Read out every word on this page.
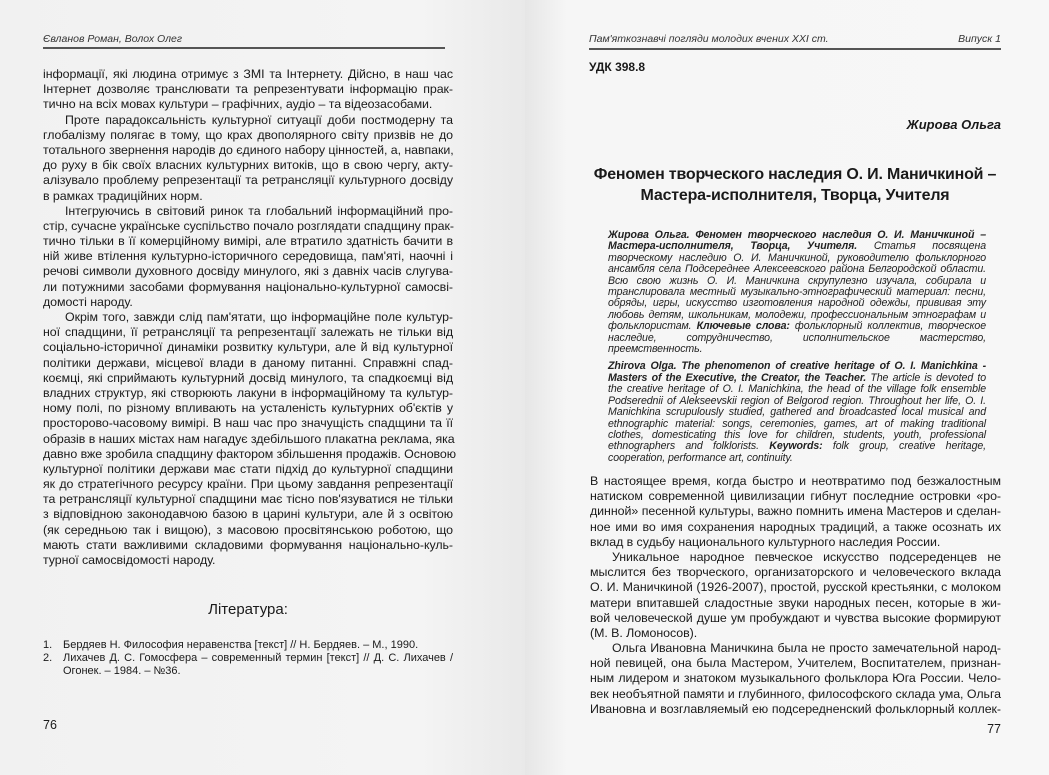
Євланов Роман, Волох Олег
інформації, які людина отримує з ЗМІ та Інтернету. Дійсно, в наш час
Інтернет дозволяє транслювати та репрезентувати інформацію прак-
тично на всіх мовах культури – графічних, аудіо – та відеозасобами.
Проте парадоксальність культурної ситуації доби постмодерну та
глобалізму полягає в тому, що крах двополярного світу призвів не до
тотального звернення народів до єдиного набору цінностей, а, навпаки,
до руху в бік своїх власних культурних витоків, що в свою чергу, акту-
алізувало проблему репрезентації та ретрансляції культурного досвіду
в рамках традиційних норм.
Інтегруючись в світовий ринок та глобальний інформаційний про-
стір, сучасне українське суспільство почало розглядати спадщину прак-
тично тільки в її комерційному вимірі, але втратило здатність бачити в
ній живе втілення культурно-історичного середовища, пам'яті, наочні і
речові символи духовного досвіду минулого, які з давніх часів слугува-
ли потужними засобами формування національно-культурної самосві-
домості народу.
Окрім того, завжди слід пам'ятати, що інформаційне поле культур-
ної спадщини, її ретрансляції та репрезентації залежать не тільки від
соціально-історичної динаміки розвитку культури, але й від культурної
політики держави, місцевої влади в даному питанні. Справжні спад-
коємці, які сприймають культурний досвід минулого, та спадкоємці від
владних структур, які створюють лакуни в інформаційному та культур-
ному полі, по різному впливають на усталеність культурних об'єктів у
просторово-часовому вимірі. В наш час про значущість спадщини та її
образів в наших містах нам нагадує здебільшого плакатна реклама, яка
давно вже зробила спадщину фактором збільшення продажів. Основою
культурної політики держави має стати підхід до культурної спадщини
як до стратегічного ресурсу країни. При цьому завдання репрезентації
та ретрансляції культурної спадщини має тісно пов'язуватися не тільки
з відповідною законодавчою базою в царині культури, але й з освітою
(як середньою так і вищою), з масовою просвітянською роботою, що
мають стати важливими складовими формування національно-куль-
турної самосвідомості народу.
Література:
1. Бердяев Н. Философия неравенства [текст] // Н. Бердяев. – М., 1990.
2. Лихачев Д. С. Гомосфера – современный термин [текст] // Д. С. Лихачев /
Огонек. – 1984. – №36.
76
Пам'яткознавчі погляди молодих вчених XXI ст.	Випуск 1
УДК 398.8
Жирова Ольга
Феномен творческого наследия О. И. Маничкиной –
Мастера-исполнителя, Творца, Учителя

Жирова Ольга. Феномен творческого наследия О. И. Маничкиной – Мастера-исполнителя, Творца, Учителя. Статья посвящена творческому наследию О. И. Маничкиной, руководителю фольклорного ансамбля села Подсереднее Алексеевского района Белгородской области. Всю свою жизнь О. И. Маничкина скрупулезно изучала, собирала и транслировала местный музыкально-этнографический материал: песни, обряды, игры, искусство изготовления народной одежды, прививая эту любовь детям, школьникам, молодежи, профессиональным этнографам и фольклористам. Ключевые слова: фольклорный коллектив, творческое наследие, сотрудничество, исполнительское мастерство, преемственность.

Zhirova Olga. The phenomenon of creative heritage of O. I. Manichkina - Masters of the Executive, the Creator, the Teacher. The article is devoted to the creative heritage of O. I. Manichkina, the head of the village folk ensemble Podserednii of Alekseevskii region of Belgorod region. Throughout her life, O. I. Manichkina scrupulously studied, gathered and broadcasted local musical and ethnographic material: songs, ceremonies, games, art of making traditional clothes, domesticating this love for children, students, youth, professional ethnographers and folklorists. Keywords: folk group, creative heritage, cooperation, performance art, continuity.

В настоящее время, когда быстро и неотвратимо под безжалостным
натиском современной цивилизации гибнут последние островки «ро-
динной» песенной культуры, важно помнить имена Мастеров и сделан-
ное ими во имя сохранения народных традиций, а также осознать их
вклад в судьбу национального культурного наследия России.
Уникальное народное певческое искусство подсереденцев не
мыслится без творческого, организаторского и человеческого вклада
О. И. Маничкиной (1926-2007), простой, русской крестьянки, с молоком
матери впитавшей сладостные звуки народных песен, которые в жи-
вой человеческой душе ум пробуждают и чувства высокие формируют
(М. В. Ломоносов).
Ольга Ивановна Маничкина была не просто замечательной народ-
ной певицей, она была Мастером, Учителем, Воспитателем, признан-
ным лидером и знатоком музыкального фольклора Юга России. Чело-
век необъятной памяти и глубинного, философского склада ума, Ольга
Ивановна и возглавляемый ею подсередненский фольклорный коллек-
77
